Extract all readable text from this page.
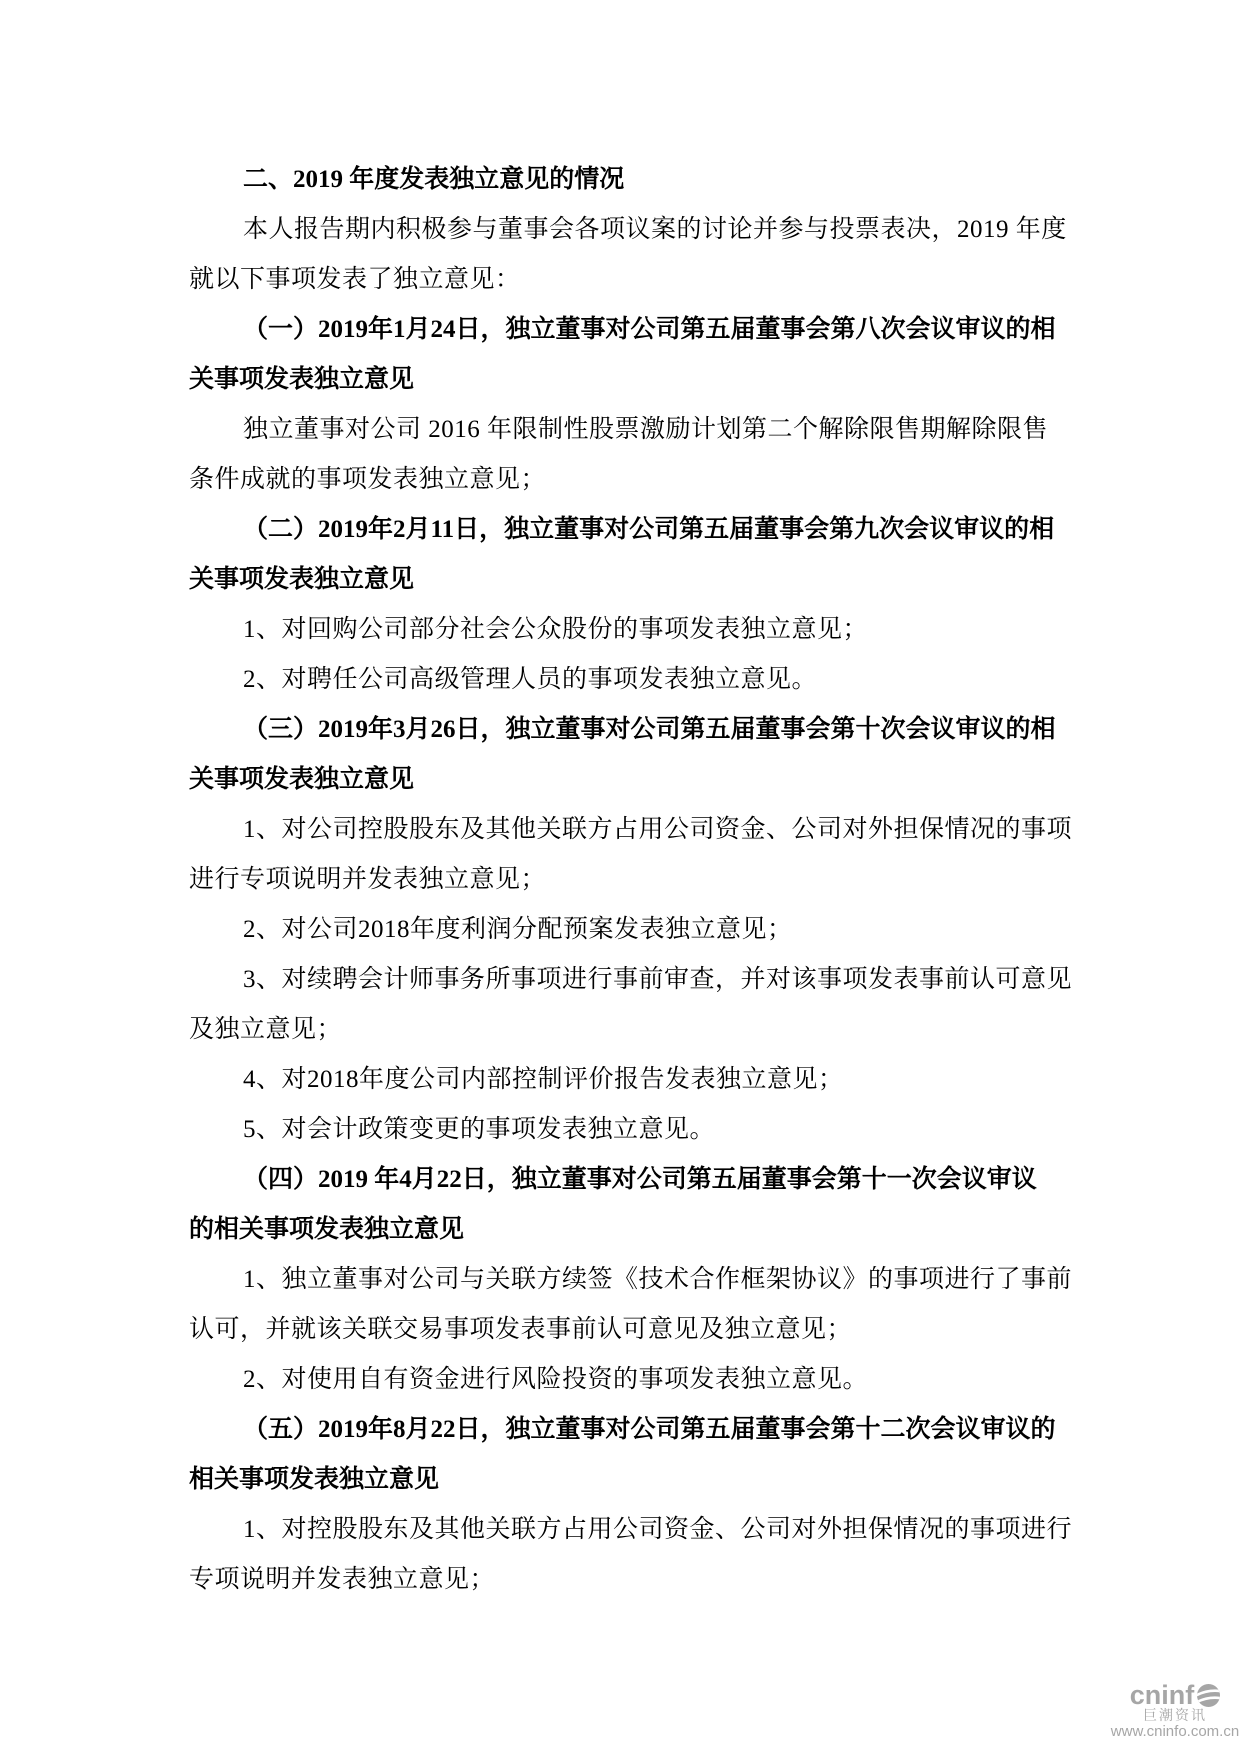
二、2019 年度发表独立意见的情况
本人报告期内积极参与董事会各项议案的讨论并参与投票表决，2019 年度
就以下事项发表了独立意见：
（一）2019年1月24日，独立董事对公司第五届董事会第八次会议审议的相
关事项发表独立意见
独立董事对公司 2016 年限制性股票激励计划第二个解除限售期解除限售
条件成就的事项发表独立意见；
（二）2019年2月11日，独立董事对公司第五届董事会第九次会议审议的相
关事项发表独立意见
1、对回购公司部分社会公众股份的事项发表独立意见；
2、对聘任公司高级管理人员的事项发表独立意见。
（三）2019年3月26日，独立董事对公司第五届董事会第十次会议审议的相
关事项发表独立意见
1、对公司控股股东及其他关联方占用公司资金、公司对外担保情况的事项
进行专项说明并发表独立意见；
2、对公司2018年度利润分配预案发表独立意见；
3、对续聘会计师事务所事项进行事前审查，并对该事项发表事前认可意见
及独立意见；
4、对2018年度公司内部控制评价报告发表独立意见；
5、对会计政策变更的事项发表独立意见。
（四）2019 年4月22日，独立董事对公司第五届董事会第十一次会议审议
的相关事项发表独立意见
1、独立董事对公司与关联方续签《技术合作框架协议》的事项进行了事前
认可，并就该关联交易事项发表事前认可意见及独立意见；
2、对使用自有资金进行风险投资的事项发表独立意见。
（五）2019年8月22日，独立董事对公司第五届董事会第十二次会议审议的
相关事项发表独立意见
1、对控股股东及其他关联方占用公司资金、公司对外担保情况的事项进行
专项说明并发表独立意见；
cninf
巨潮资讯
www.cninfo.com.cn
